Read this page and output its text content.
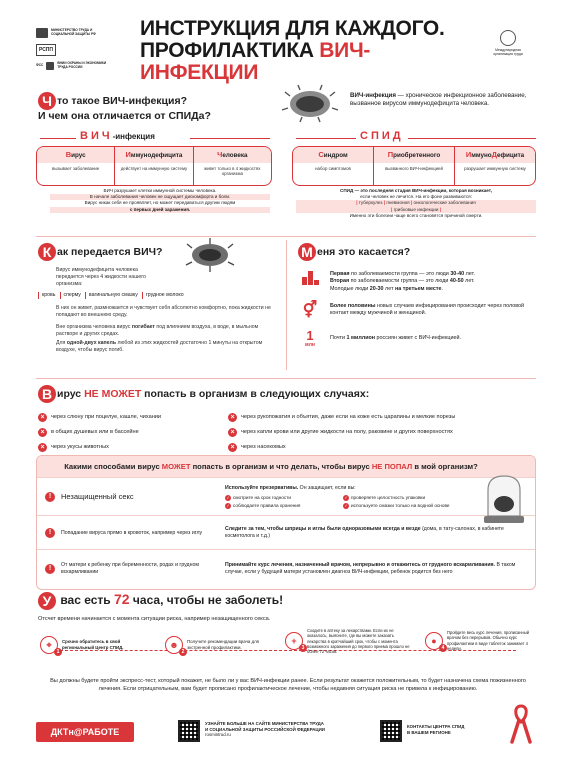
МИНИСТЕРСТВО ТРУДА И СОЦИАЛЬНОЙ ЗАЩИТЫ РФ
РСПП
ФСС	ВНИИ ОХРАНЫ И ЭКОНОМИКИ ТРУДА РОССИИ
ИНСТРУКЦИЯ ДЛЯ КАЖДОГО.
ПРОФИЛАКТИКА ВИЧ-ИНФЕКЦИИ
Международная организация труда
Ч то такое ВИЧ-инфекция?
И чем она отличается от СПИДа?
ВИЧ-инфекция — хроническое инфекционное заболевание, вызванное вирусом иммунодефицита человека.
ВИЧ-инфекция	СПИД
Вирус
вызывает заболевание
Иммунодефицита
действует на иммунную систему
Человека
живет только в 4 жидкостях организма
Синдром
набор симптомов
Приобретенного
вызванного ВИЧ-инфекцией
ИммуноДефицита
разрушает иммунную систему
ВИЧ разрушает клетки иммунной системы человека.
В начале заболевания человек не ощущает дискомфорта и боли.
Вирус никак себя не проявляет, но может передаваться другим людям
с первых дней заражения.
СПИД — это последняя стадия ВИЧ-инфекции, которая возникает,
если человек не лечится. На его фоне развиваются:
| туберкулез | пневмония | онкологические заболевания
| грибковые инфекции |
Именно эти болезни чаще всего становятся причиной смерти.
К ак передается ВИЧ?
Вирус иммунодефицита человека передается через 4 жидкости нашего организма:
кровь	сперму	вагинальную смазку	грудное молоко
В них он живет, размножается и чувствует себя абсолютно комфортно, пока жидкости не попадают во внешнюю среду.
Вне организма человека вирус погибает под влиянием воздуха, в воде, в мыльном растворе и других средах.
Для одной-двух капель любой из этих жидкостей достаточно 1 минуты на открытом воздухе, чтобы вирус погиб.
М еня это касается?
Первая по заболеваемости группа — это люди 30-40 лет.
Вторая по заболеваемости группа — это люди 40-50 лет.
Молодые люди 20-30 лет на третьем месте.
⚥	Более половины новых случаев инфицирования происходит через половой контакт между мужчиной и женщиной.
1
млн
Почти 1 миллион россиян живет с ВИЧ-инфекцией.
В ирус НЕ МОЖЕТ попасть в организм в следующих случаях:
×	через слюну при поцелуе, кашле, чихании	×	через рукопожатия и объятия, даже если на коже есть царапины и мелкие порезы
×	в общих душевых или в бассейне	×	через капли крови или другие жидкости на полу, раковине и других поверхностях
×	через укусы животных	×	через насекомых
Какими способами вирус МОЖЕТ попасть в организм и что делать, чтобы вирус НЕ ПОПАЛ в мой организм?
!	Незащищенный секс
Используйте презервативы. Он защищает, если вы:
✓ смотрите на срок годности	✓ проверяете целостность упаковки
✓ соблюдаете правила хранения	✓ используете смазки только на водной основе
!	Попадание вируса прямо в кровоток, например через иглу
Следите за тем, чтобы шприцы и иглы были одноразовыми всегда и везде (дома, в тату-салонах, в кабинете косметолога и т.д.)
!	От матери к ребенку при беременности, родах и грудном вскармливании
Принимайте курс лечения, назначенный врачом, непрерывно и откажитесь от грудного вскармливания. В таком случае, если у будущей матери установлен диагноз ВИЧ-инфекции, ребенок родится без него
У вас есть 72 часа, чтобы не заболеть!
Отсчет времени начинается с момента ситуации риска, например незащищенного секса.
⌖
1
Срочно обратитесь в свой региональный Центр СПИД.	☻
2
Получите рекомендации врача для экстренной профилактики.
+
3
Сходите в аптеку за лекарствами. Если их не оказалось, выясните, где вы можете заказать лекарства в кратчайший срок, чтобы с момента возможного заражения до первого приема прошло не более 72 часов.
●
4
Пройдите весь курс лечения, прописанный врачом без перерывов. Обычно курс профилактики в виде таблеток занимает 4 недели.
Вы должны будете пройти экспресс-тест, который покажет, не было ли у вас ВИЧ-инфекции ранее. Если результат окажется положительным, то будет назначена схема пожизненного лечения. Если отрицательным, вам будет прописано профилактическое лечение, чтобы недавняя ситуация риска не привела к инфицированию.
ДКТн@РАБОТЕ
УЗНАЙТЕ БОЛЬШЕ НА САЙТЕ МИНИСТЕРСТВА ТРУДА
И СОЦИАЛЬНОЙ ЗАЩИТЫ РОССИЙСКОЙ ФЕДЕРАЦИИ
rosmintrud.ru
КОНТАКТЫ ЦЕНТРА СПИД
В ВАШЕМ РЕГИОНЕ
